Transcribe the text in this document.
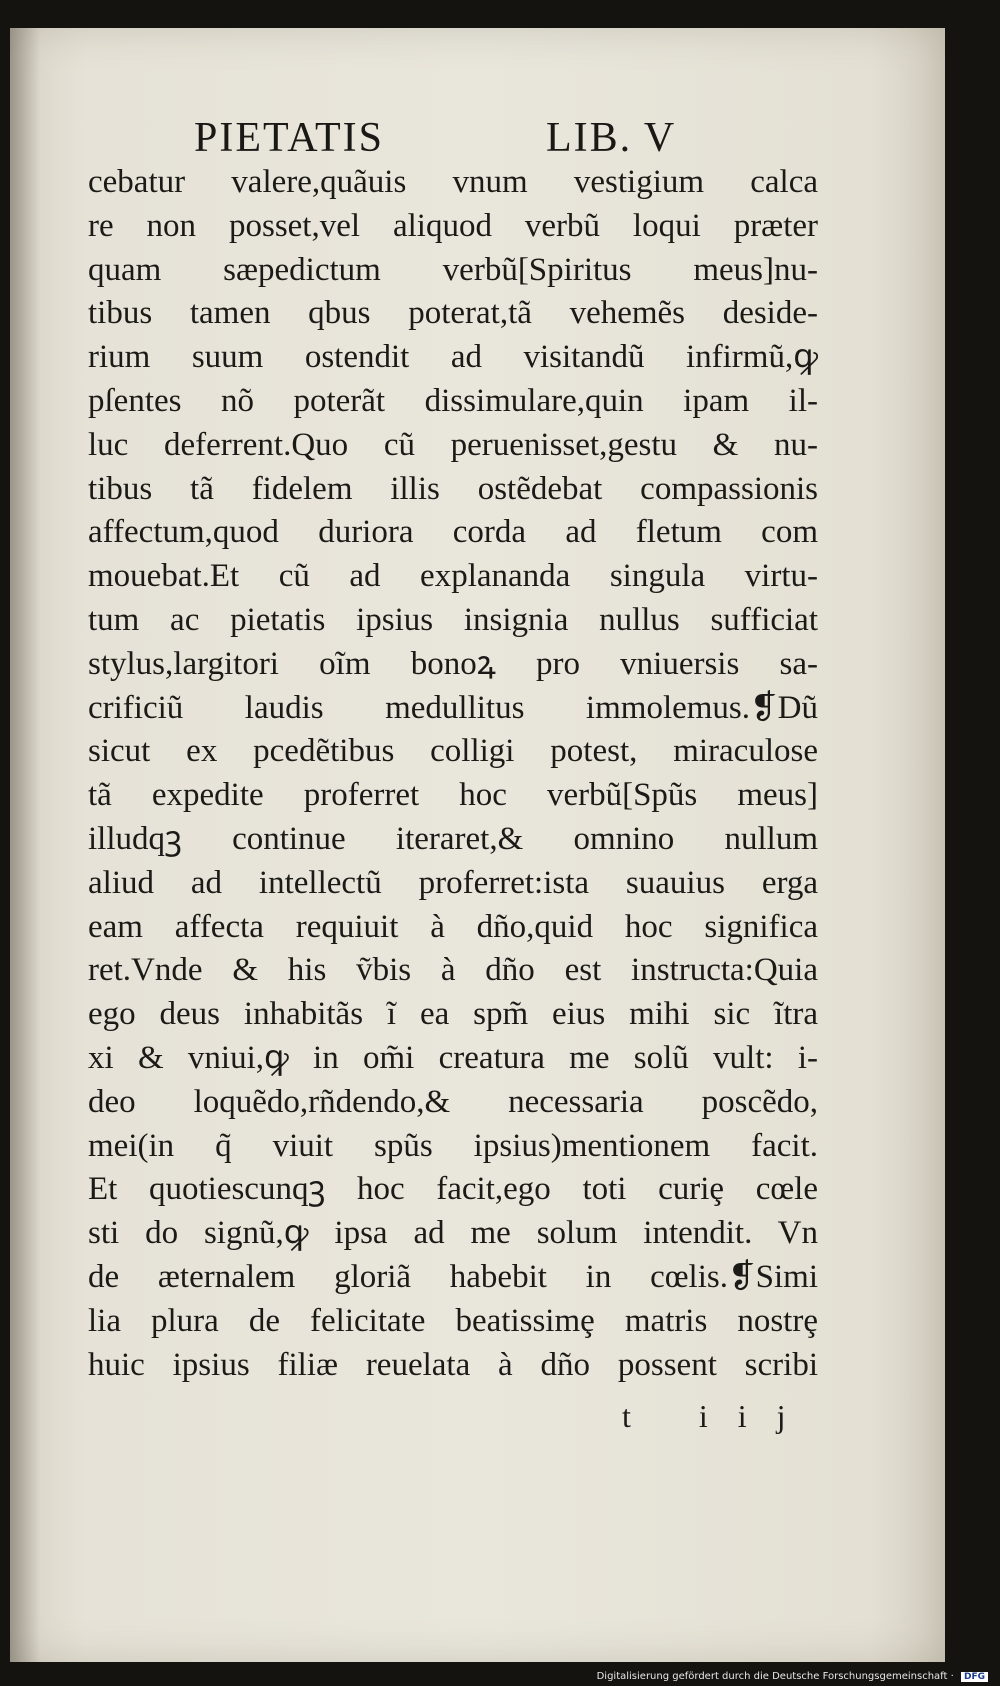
PIETATIS	LIB. V
cebatur valere,quãuis vnum vestigium calca
re non posset,vel aliquod verbũ loqui præter
quam sæpedictum verbũ[Spiritus meus]nu-
tibus tamen qbus poterat,tã vehemẽs deside-
rium suum ostendit ad visitandũ infirmũ,ꝙ
pſentes nõ poterãt dissimulare,quin ipam il-
luc deferrent.Quo cũ peruenisset,gestu & nu-
tibus tã fidelem illis ostẽdebat compassionis
affectum,quod duriora corda ad fletum com
mouebat.Et cũ ad explananda singula virtu-
tum ac pietatis ipsius insignia nullus sufficiat
stylus,largitori oĩm bonoꝝ pro vniuersis sa-
crificiũ laudis medullitus immolemus.❡Dũ
sicut ex pcedẽtibus colligi potest, miraculose
tã expedite proferret hoc verbũ[Spũs meus]
illudqꝫ continue iteraret,& omnino nullum
aliud ad intellectũ proferret:ista suauius erga
eam affecta requiuit à dño,quid hoc significa
ret.Vnde & his ṽbis à dño est instructa:Quia
ego deus inhabitãs ĩ ea spm̃ eius mihi sic ĩtra
xi & vniui,ꝙ in om̃i creatura me solũ vult: i-
deo loquẽdo,rñdendo,& necessaria poscẽdo,
mei(in q̃ viuit spũs ipsius)mentionem facit.
Et quotiescunqꝫ hoc facit,ego toti curiȩ cœle
sti do signũ,ꝙ ipsa ad me solum intendit. Vn
de æternalem gloriã habebit in cœlis.❡Simi
lia plura de felicitate beatissimȩ matris nostrȩ
huic ipsius filiæ reuelata à dño possent scribi
t iij
Digitalisierung gefördert durch die Deutsche Forschungsgemeinschaft · DFG
